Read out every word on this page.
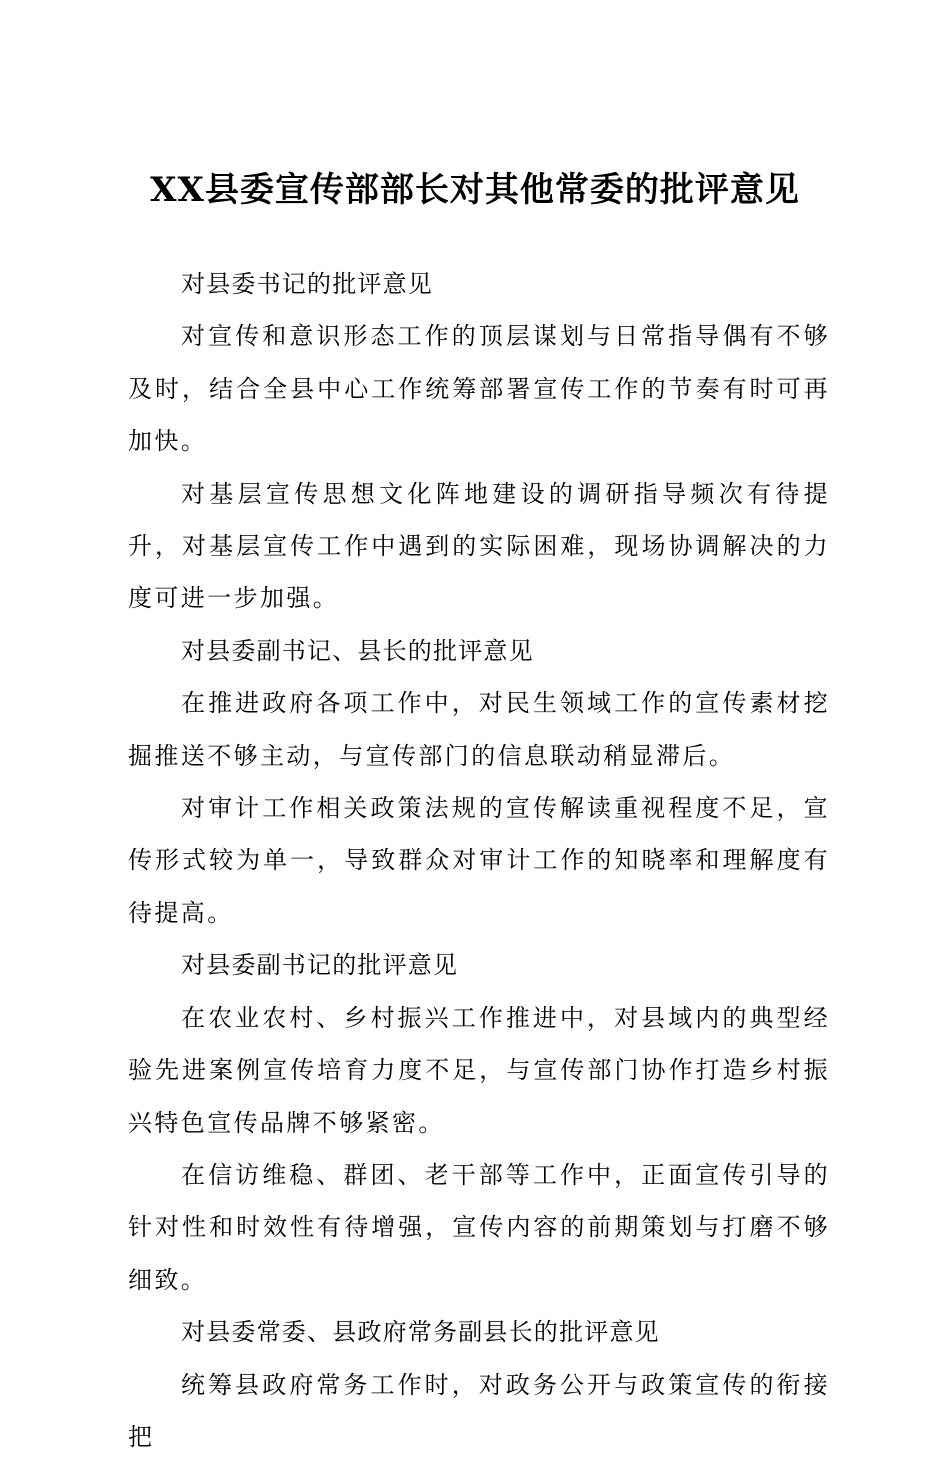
XX县委宣传部部长对其他常委的批评意见

对县委书记的批评意见

对宣传和意识形态工作的顶层谋划与日常指导偶有不够及时，结合全县中心工作统筹部署宣传工作的节奏有时可再加快。

对基层宣传思想文化阵地建设的调研指导频次有待提升，对基层宣传工作中遇到的实际困难，现场协调解决的力度可进一步加强。

对县委副书记、县长的批评意见

在推进政府各项工作中，对民生领域工作的宣传素材挖掘推送不够主动，与宣传部门的信息联动稍显滞后。

对审计工作相关政策法规的宣传解读重视程度不足，宣传形式较为单一，导致群众对审计工作的知晓率和理解度有待提高。

对县委副书记的批评意见

在农业农村、乡村振兴工作推进中，对县域内的典型经验先进案例宣传培育力度不足，与宣传部门协作打造乡村振兴特色宣传品牌不够紧密。

在信访维稳、群团、老干部等工作中，正面宣传引导的针对性和时效性有待增强，宣传内容的前期策划与打磨不够细致。

对县委常委、县政府常务副县长的批评意见

统筹县政府常务工作时，对政务公开与政策宣传的衔接把
